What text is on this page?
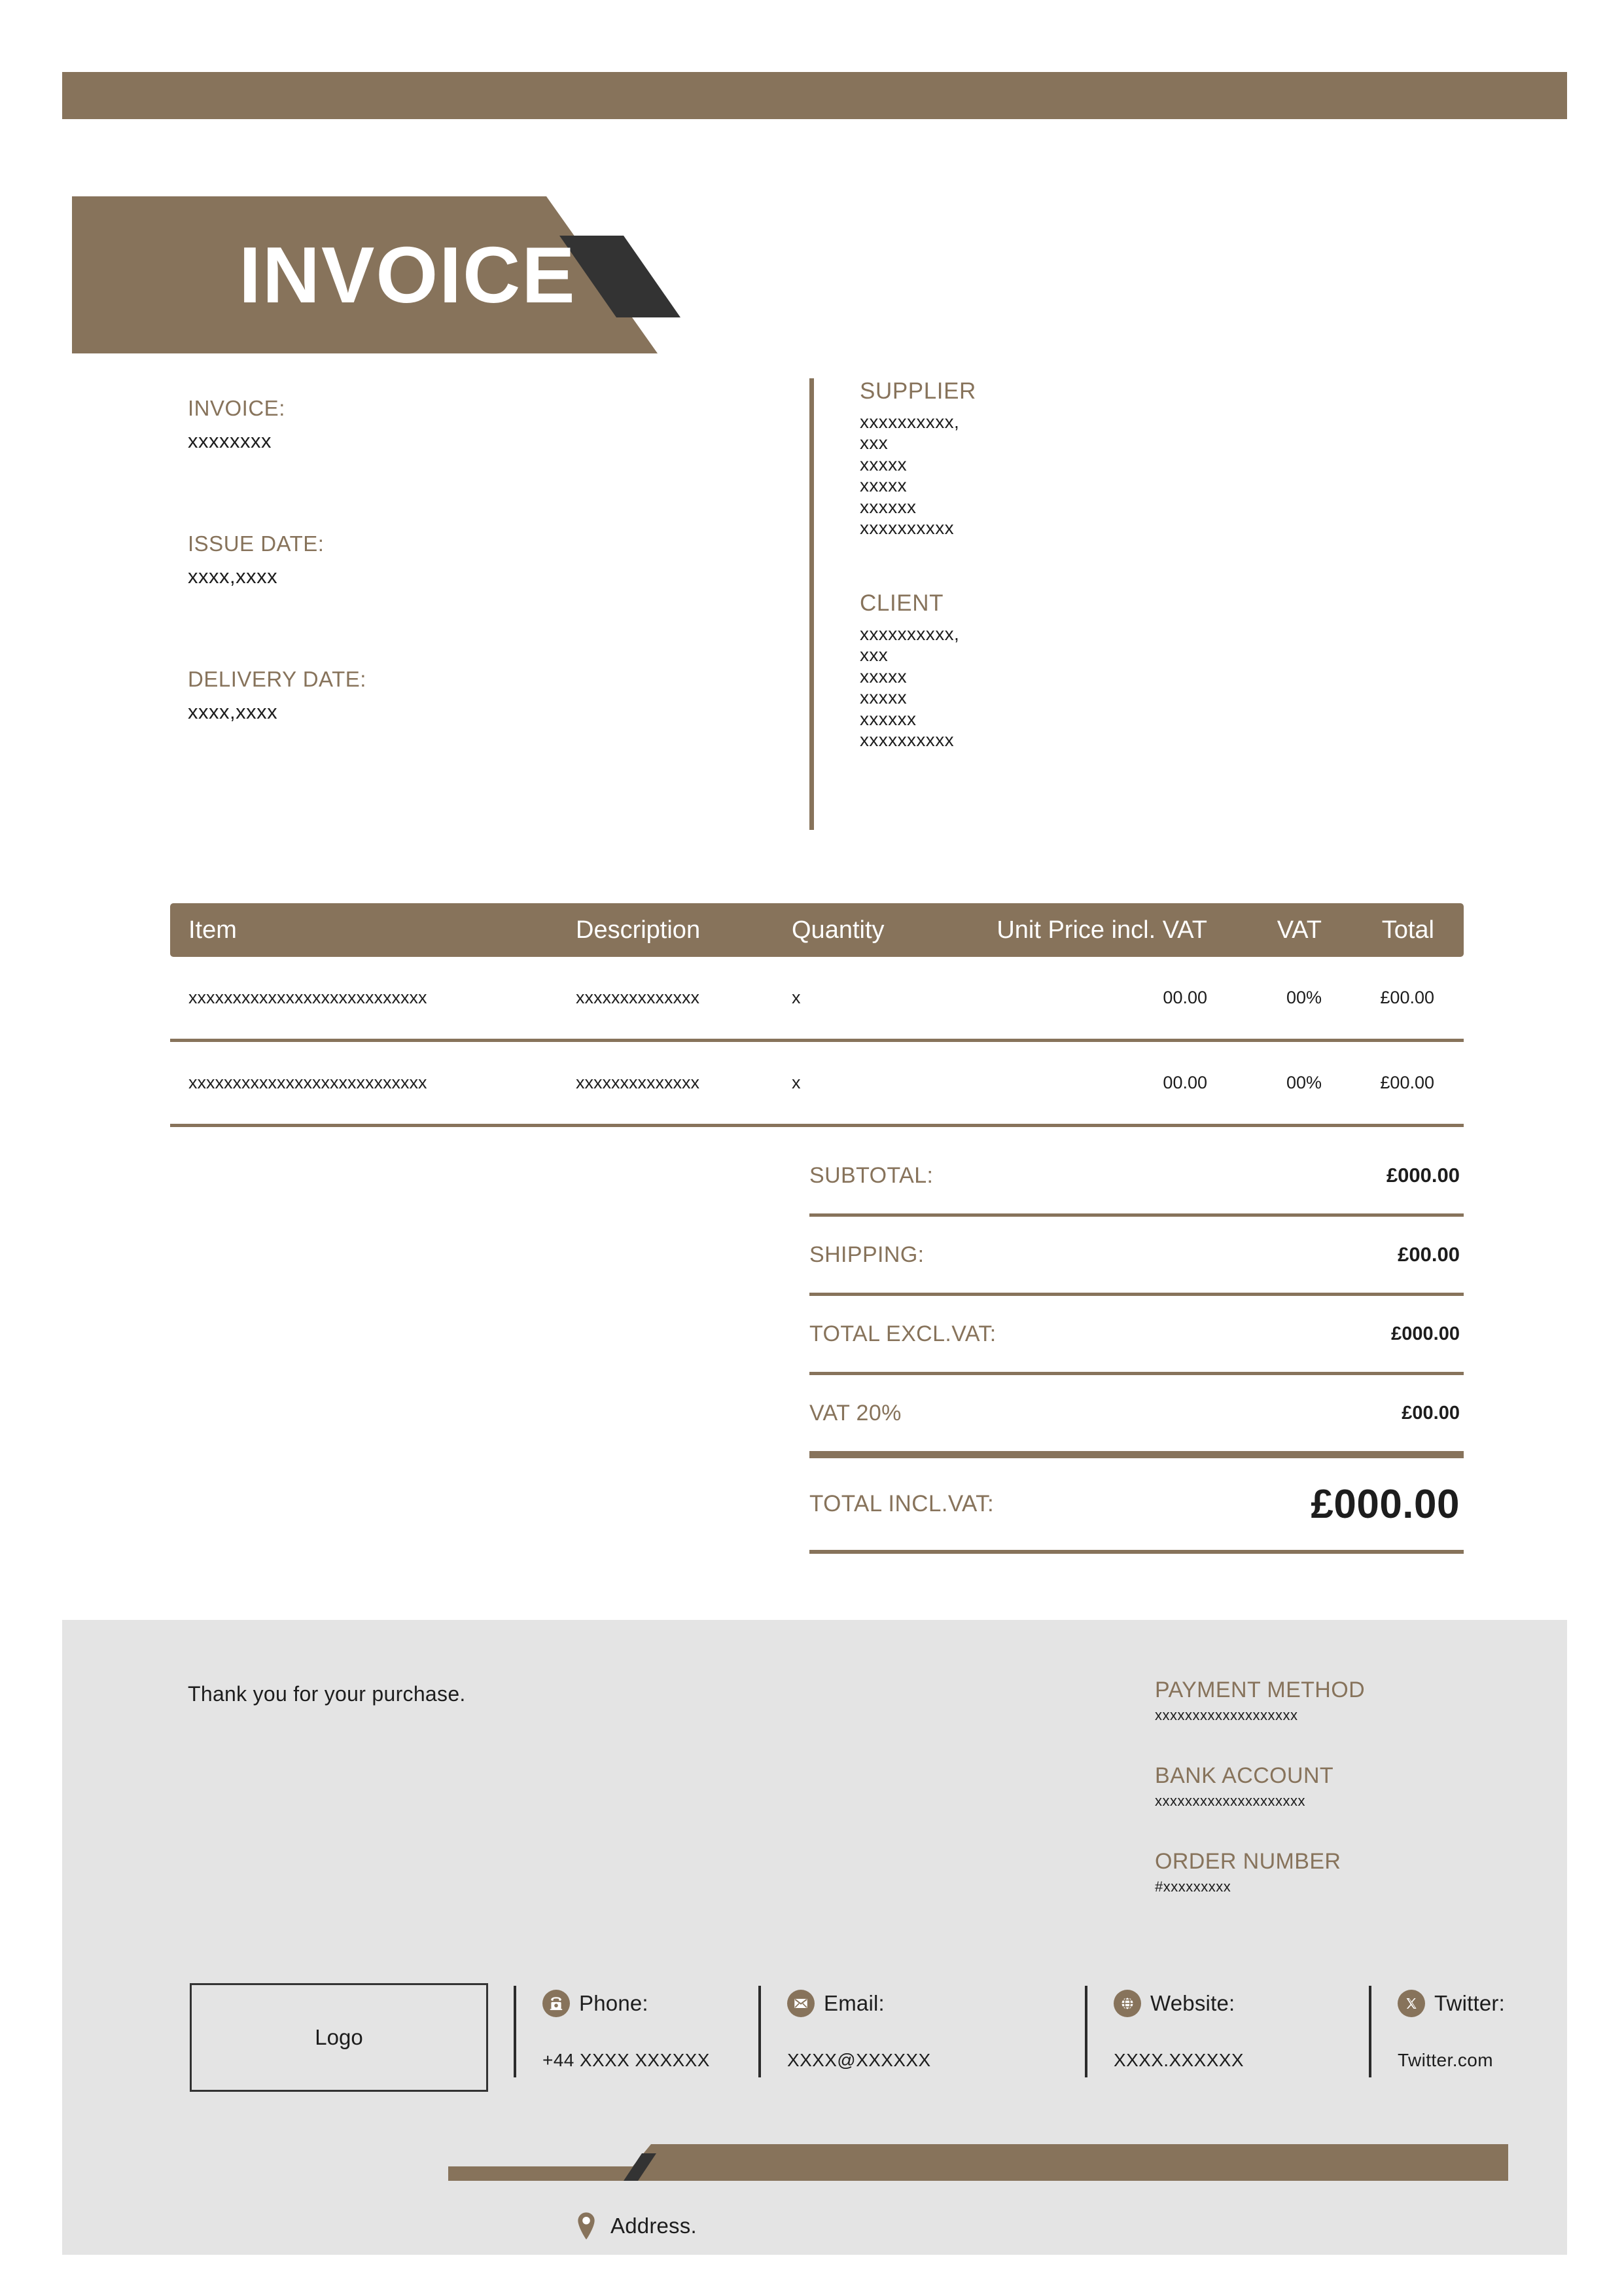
INVOICE
INVOICE:
xxxxxxxx
ISSUE DATE:
xxxx,xxxx
DELIVERY DATE:
xxxx,xxxx
SUPPLIER
xxxxxxxxxx,
xxx
xxxxx
xxxxx
xxxxxx
xxxxxxxxxx
CLIENT
xxxxxxxxxx,
xxx
xxxxx
xxxxx
xxxxxx
xxxxxxxxxx
Item	Description	Quantity	Unit Price incl. VAT	VAT	Total
xxxxxxxxxxxxxxxxxxxxxxxxxxx	xxxxxxxxxxxxxx	x	00.00	00%	£00.00
xxxxxxxxxxxxxxxxxxxxxxxxxxx	xxxxxxxxxxxxxx	x	00.00	00%	£00.00
SUBTOTAL:	£000.00
SHIPPING:	£00.00
TOTAL EXCL.VAT:	£000.00
VAT 20%	£00.00
TOTAL INCL.VAT:	£000.00
Thank you for your purchase.	PAYMENT METHOD
xxxxxxxxxxxxxxxxxxx
BANK ACCOUNT
xxxxxxxxxxxxxxxxxxxx
ORDER NUMBER
#xxxxxxxxx
Logo
Phone:
+44 XXXX XXXXXX
Email:
XXXX@XXXXXX
Website:
XXXX.XXXXXX
Twitter:
Twitter.com
Address.
